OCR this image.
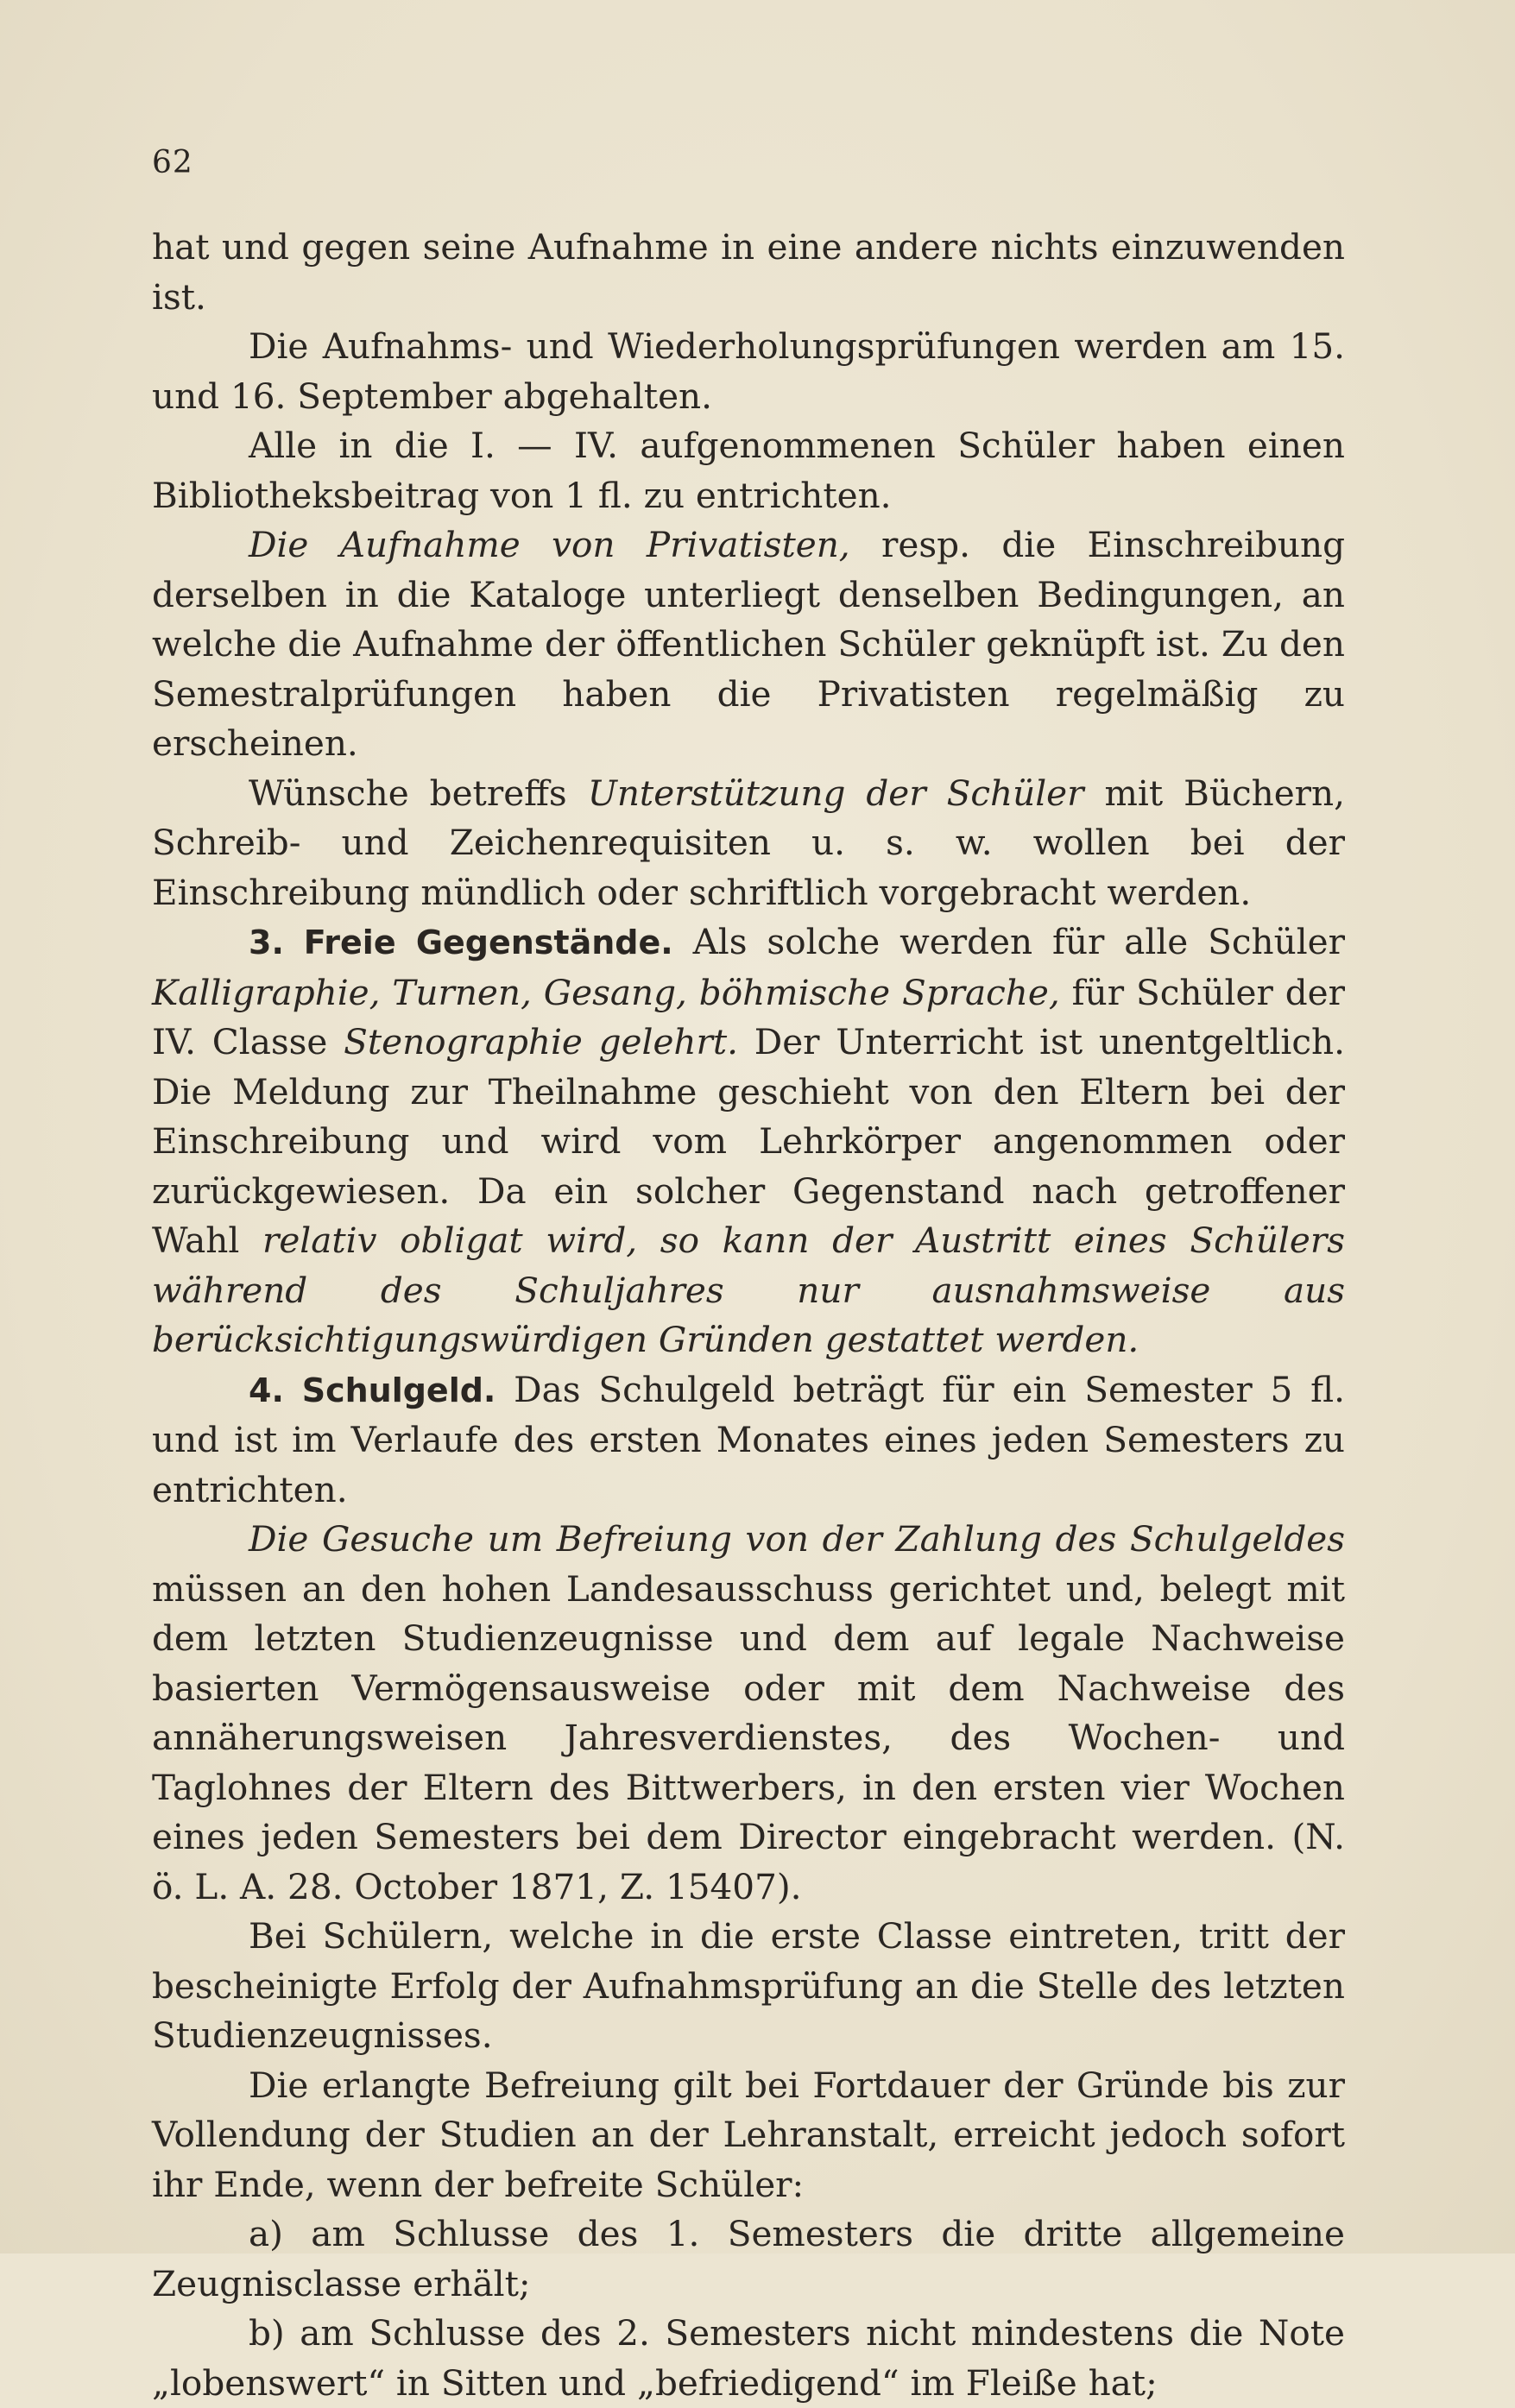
62

hat und gegen seine Aufnahme in eine andere nichts einzuwenden ist.

Die Aufnahms- und Wiederholungsprüfungen werden am 15. und 16. September abgehalten.

Alle in die I. — IV. aufgenommenen Schüler haben einen Bibliotheksbeitrag von 1 fl. zu entrichten.

Die Aufnahme von Privatisten, resp. die Einschreibung derselben in die Kataloge unterliegt denselben Bedingungen, an welche die Aufnahme der öffentlichen Schüler geknüpft ist. Zu den Semestralprüfungen haben die Privatisten regelmäßig zu erscheinen.

Wünsche betreffs Unterstützung der Schüler mit Büchern, Schreib- und Zeichenrequisiten u. s. w. wollen bei der Einschreibung mündlich oder schriftlich vorgebracht werden.

3. Freie Gegenstände. Als solche werden für alle Schüler Kalligraphie, Turnen, Gesang, böhmische Sprache, für Schüler der IV. Classe Stenographie gelehrt. Der Unterricht ist unentgeltlich. Die Meldung zur Theilnahme geschieht von den Eltern bei der Einschreibung und wird vom Lehrkörper angenommen oder zurückgewiesen. Da ein solcher Gegenstand nach getroffener Wahl relativ obligat wird, so kann der Austritt eines Schülers während des Schuljahres nur ausnahmsweise aus berücksichtigungswürdigen Gründen gestattet werden.

4. Schulgeld. Das Schulgeld beträgt für ein Semester 5 fl. und ist im Verlaufe des ersten Monates eines jeden Semesters zu entrichten.

Die Gesuche um Befreiung von der Zahlung des Schulgeldes müssen an den hohen Landesausschuss gerichtet und, belegt mit dem letzten Studienzeugnisse und dem auf legale Nachweise basierten Vermögensausweise oder mit dem Nachweise des annäherungsweisen Jahresverdienstes, des Wochen- und Taglohnes der Eltern des Bittwerbers, in den ersten vier Wochen eines jeden Semesters bei dem Director eingebracht werden. (N. ö. L. A. 28. October 1871, Z. 15407).

Bei Schülern, welche in die erste Classe eintreten, tritt der bescheinigte Erfolg der Aufnahmsprüfung an die Stelle des letzten Studienzeugnisses.

Die erlangte Befreiung gilt bei Fortdauer der Gründe bis zur Vollendung der Studien an der Lehranstalt, erreicht jedoch sofort ihr Ende, wenn der befreite Schüler:

a) am Schlusse des 1. Semesters die dritte allgemeine Zeugnisclasse erhält;

b) am Schlusse des 2. Semesters nicht mindestens die Note „lobenswert“ in Sitten und „befriedigend“ im Fleiße hat;
